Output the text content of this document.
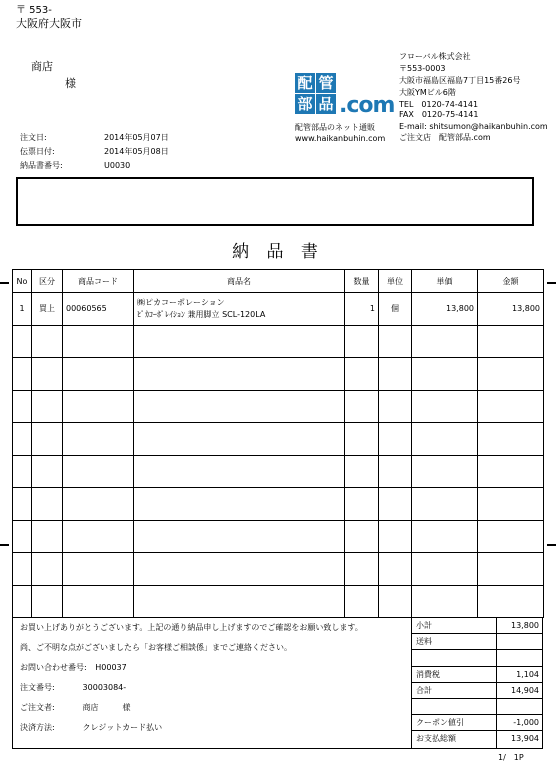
〒 553-
大阪府大阪市
商店
様
注文日:	2014年05月07日
伝票日付:	2014年05月08日
納品書番号:	U0030
配 管
部 品 .com
配管部品のネット通販
www.haikanbuhin.com
フローバル株式会社
〒553-0003
大阪市福島区福島7丁目15番26号
大阪YMビル6階
TEL　0120-74-4141
FAX　0120-75-4141
E-mail: shitsumon@haikanbuhin.com
ご注文店　配管部品.com
納 品 書
No	区分	商品コード	商品名	数量	単位	単価	金額
1	買上	00060565	㈱ピカコーポレーション
ﾋﾟｶｺｰﾎﾟﾚｲｼｮﾝ 兼用脚立 SCL-120LA	1	個	13,800	13,800

お買い上げありがとうございます。上記の通り納品申し上げますのでご確認をお願い致します。
尚、ご不明な点がございましたら「お客様ご相談係」までご連絡ください。
お問い合わせ番号: H00037
注文番号:	30003084-
ご注文者:	商店　　　様
決済方法:	クレジットカード払い
小計	13,800
送料
消費税	1,104
合計	14,904
クーポン値引	-1,000
お支払総額	13,904
1/　1P
